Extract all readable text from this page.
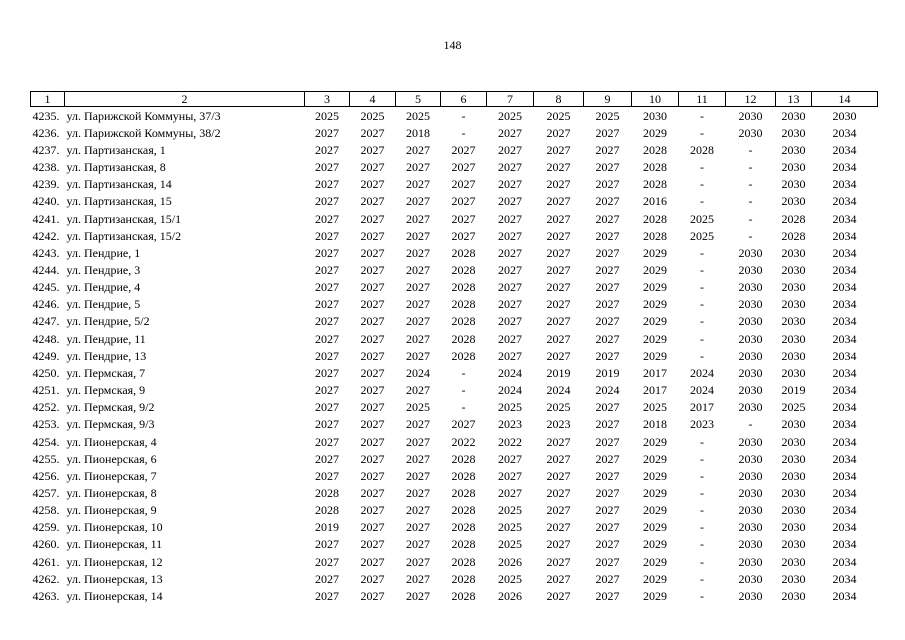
148
1	2	3	4	5	6	7	8	9	10	11	12	13	14
4235.	ул. Парижской Коммуны, 37/3	2025	2025	2025	-	2025	2025	2025	2030	-	2030	2030	2030
4236.	ул. Парижской Коммуны, 38/2	2027	2027	2018	-	2027	2027	2027	2029	-	2030	2030	2034
4237.	ул. Партизанская, 1	2027	2027	2027	2027	2027	2027	2027	2028	2028	-	2030	2034
4238.	ул. Партизанская, 8	2027	2027	2027	2027	2027	2027	2027	2028	-	-	2030	2034
4239.	ул. Партизанская, 14	2027	2027	2027	2027	2027	2027	2027	2028	-	-	2030	2034
4240.	ул. Партизанская, 15	2027	2027	2027	2027	2027	2027	2027	2016	-	-	2030	2034
4241.	ул. Партизанская, 15/1	2027	2027	2027	2027	2027	2027	2027	2028	2025	-	2028	2034
4242.	ул. Партизанская, 15/2	2027	2027	2027	2027	2027	2027	2027	2028	2025	-	2028	2034
4243.	ул. Пендрие, 1	2027	2027	2027	2028	2027	2027	2027	2029	-	2030	2030	2034
4244.	ул. Пендрие, 3	2027	2027	2027	2028	2027	2027	2027	2029	-	2030	2030	2034
4245.	ул. Пендрие, 4	2027	2027	2027	2028	2027	2027	2027	2029	-	2030	2030	2034
4246.	ул. Пендрие, 5	2027	2027	2027	2028	2027	2027	2027	2029	-	2030	2030	2034
4247.	ул. Пендрие, 5/2	2027	2027	2027	2028	2027	2027	2027	2029	-	2030	2030	2034
4248.	ул. Пендрие, 11	2027	2027	2027	2028	2027	2027	2027	2029	-	2030	2030	2034
4249.	ул. Пендрие, 13	2027	2027	2027	2028	2027	2027	2027	2029	-	2030	2030	2034
4250.	ул. Пермская, 7	2027	2027	2024	-	2024	2019	2019	2017	2024	2030	2030	2034
4251.	ул. Пермская, 9	2027	2027	2027	-	2024	2024	2024	2017	2024	2030	2019	2034
4252.	ул. Пермская, 9/2	2027	2027	2025	-	2025	2025	2027	2025	2017	2030	2025	2034
4253.	ул. Пермская, 9/3	2027	2027	2027	2027	2023	2023	2027	2018	2023	-	2030	2034
4254.	ул. Пионерская, 4	2027	2027	2027	2022	2022	2027	2027	2029	-	2030	2030	2034
4255.	ул. Пионерская, 6	2027	2027	2027	2028	2027	2027	2027	2029	-	2030	2030	2034
4256.	ул. Пионерская, 7	2027	2027	2027	2028	2027	2027	2027	2029	-	2030	2030	2034
4257.	ул. Пионерская, 8	2028	2027	2027	2028	2027	2027	2027	2029	-	2030	2030	2034
4258.	ул. Пионерская, 9	2028	2027	2027	2028	2025	2027	2027	2029	-	2030	2030	2034
4259.	ул. Пионерская, 10	2019	2027	2027	2028	2025	2027	2027	2029	-	2030	2030	2034
4260.	ул. Пионерская, 11	2027	2027	2027	2028	2025	2027	2027	2029	-	2030	2030	2034
4261.	ул. Пионерская, 12	2027	2027	2027	2028	2026	2027	2027	2029	-	2030	2030	2034
4262.	ул. Пионерская, 13	2027	2027	2027	2028	2025	2027	2027	2029	-	2030	2030	2034
4263.	ул. Пионерская, 14	2027	2027	2027	2028	2026	2027	2027	2029	-	2030	2030	2034
